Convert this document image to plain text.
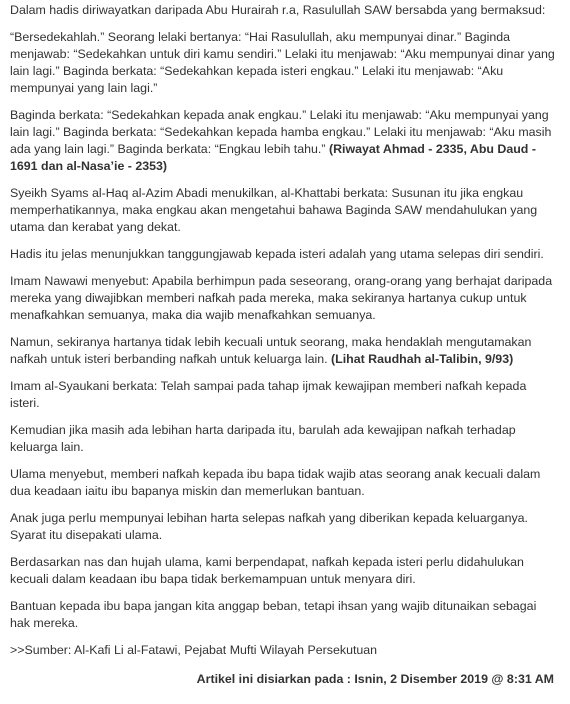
Dalam hadis diriwayatkan daripada Abu Hurairah r.a, Rasulullah SAW bersabda yang bermaksud:

“Bersedekahlah.” Seorang lelaki bertanya: “Hai Rasulullah, aku mempunyai dinar.” Baginda menjawab: “Sedekahkan untuk diri kamu sendiri.” Lelaki itu menjawab: “Aku mempunyai dinar yang lain lagi.” Baginda berkata: “Sedekahkan kepada isteri engkau.” Lelaki itu menjawab: “Aku mempunyai yang lain lagi.”

Baginda berkata: “Sedekahkan kepada anak engkau.” Lelaki itu menjawab: “Aku mempunyai yang lain lagi.” Baginda berkata: “Sedekahkan kepada hamba engkau.” Lelaki itu menjawab: “Aku masih ada yang lain lagi.” Baginda berkata: “Engkau lebih tahu.” (Riwayat Ahmad - 2335, Abu Daud - 1691 dan al-Nasa’ie - 2353)

Syeikh Syams al-Haq al-Azim Abadi menukilkan, al-Khattabi berkata: Susunan itu jika engkau memperhatikannya, maka engkau akan mengetahui bahawa Baginda SAW mendahulukan yang utama dan kerabat yang dekat.

Hadis itu jelas menunjukkan tanggungjawab kepada isteri adalah yang utama selepas diri sendiri.

Imam Nawawi menyebut: Apabila berhimpun pada seseorang, orang-orang yang berhajat daripada mereka yang diwajibkan memberi nafkah pada mereka, maka sekiranya hartanya cukup untuk menafkahkan semuanya, maka dia wajib menafkahkan semuanya.

Namun, sekiranya hartanya tidak lebih kecuali untuk seorang, maka hendaklah mengutamakan nafkah untuk isteri berbanding nafkah untuk keluarga lain. (Lihat Raudhah al-Talibin, 9/93)

Imam al-Syaukani berkata: Telah sampai pada tahap ijmak kewajipan memberi nafkah kepada isteri.

Kemudian jika masih ada lebihan harta daripada itu, barulah ada kewajipan nafkah terhadap keluarga lain.

Ulama menyebut, memberi nafkah kepada ibu bapa tidak wajib atas seorang anak kecuali dalam dua keadaan iaitu ibu bapanya miskin dan memerlukan bantuan.

Anak juga perlu mempunyai lebihan harta selepas nafkah yang diberikan kepada keluarganya. Syarat itu disepakati ulama.

Berdasarkan nas dan hujah ulama, kami berpendapat, nafkah kepada isteri perlu didahulukan kecuali dalam keadaan ibu bapa tidak berkemampuan untuk menyara diri.

Bantuan kepada ibu bapa jangan kita anggap beban, tetapi ihsan yang wajib ditunaikan sebagai hak mereka.

>>Sumber: Al-Kafi Li al-Fatawi, Pejabat Mufti Wilayah Persekutuan

Artikel ini disiarkan pada : Isnin, 2 Disember 2019 @ 8:31 AM
